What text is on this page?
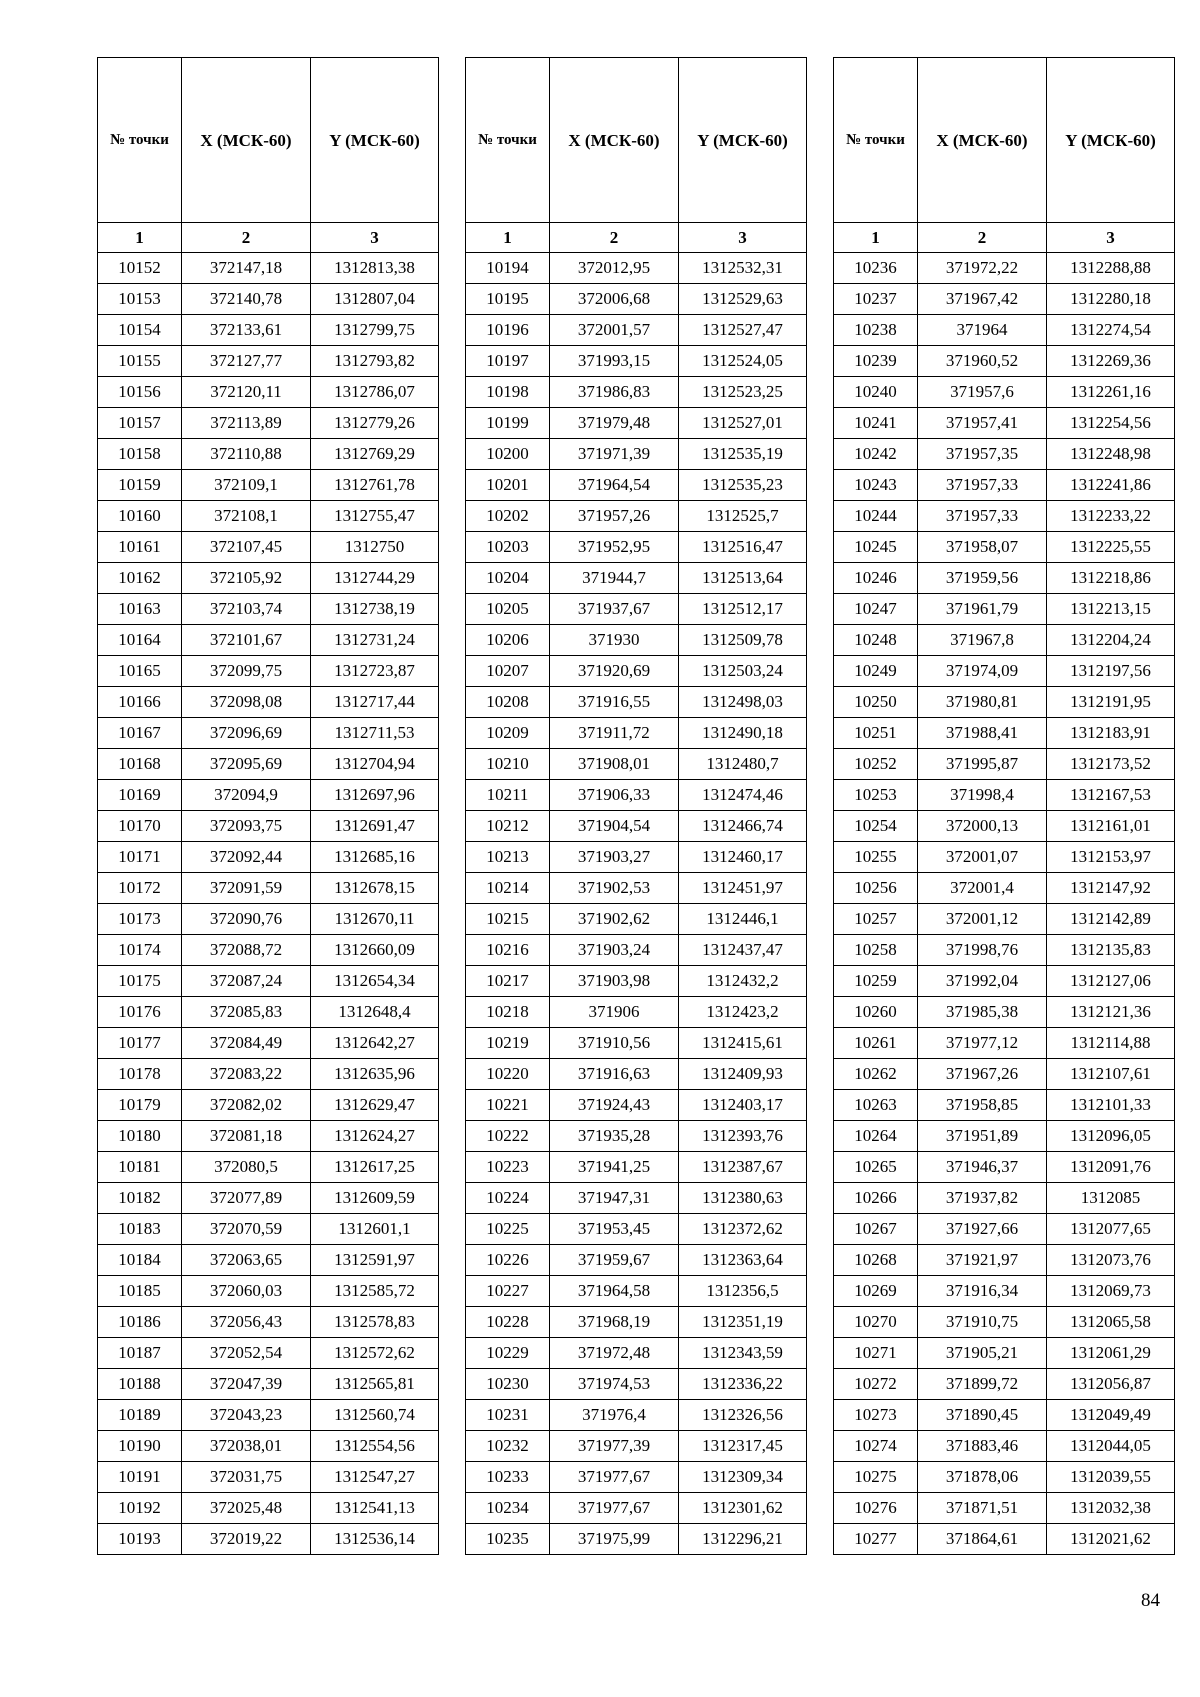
№ точки	X (МСК-60)	Y (МСК-60)
1	2	3
10152	372147,18	1312813,38
10153	372140,78	1312807,04
10154	372133,61	1312799,75
10155	372127,77	1312793,82
10156	372120,11	1312786,07
10157	372113,89	1312779,26
10158	372110,88	1312769,29
10159	372109,1	1312761,78
10160	372108,1	1312755,47
10161	372107,45	1312750
10162	372105,92	1312744,29
10163	372103,74	1312738,19
10164	372101,67	1312731,24
10165	372099,75	1312723,87
10166	372098,08	1312717,44
10167	372096,69	1312711,53
10168	372095,69	1312704,94
10169	372094,9	1312697,96
10170	372093,75	1312691,47
10171	372092,44	1312685,16
10172	372091,59	1312678,15
10173	372090,76	1312670,11
10174	372088,72	1312660,09
10175	372087,24	1312654,34
10176	372085,83	1312648,4
10177	372084,49	1312642,27
10178	372083,22	1312635,96
10179	372082,02	1312629,47
10180	372081,18	1312624,27
10181	372080,5	1312617,25
10182	372077,89	1312609,59
10183	372070,59	1312601,1
10184	372063,65	1312591,97
10185	372060,03	1312585,72
10186	372056,43	1312578,83
10187	372052,54	1312572,62
10188	372047,39	1312565,81
10189	372043,23	1312560,74
10190	372038,01	1312554,56
10191	372031,75	1312547,27
10192	372025,48	1312541,13
10193	372019,22	1312536,14
№ точки	X (МСК-60)	Y (МСК-60)
1	2	3
10194	372012,95	1312532,31
10195	372006,68	1312529,63
10196	372001,57	1312527,47
10197	371993,15	1312524,05
10198	371986,83	1312523,25
10199	371979,48	1312527,01
10200	371971,39	1312535,19
10201	371964,54	1312535,23
10202	371957,26	1312525,7
10203	371952,95	1312516,47
10204	371944,7	1312513,64
10205	371937,67	1312512,17
10206	371930	1312509,78
10207	371920,69	1312503,24
10208	371916,55	1312498,03
10209	371911,72	1312490,18
10210	371908,01	1312480,7
10211	371906,33	1312474,46
10212	371904,54	1312466,74
10213	371903,27	1312460,17
10214	371902,53	1312451,97
10215	371902,62	1312446,1
10216	371903,24	1312437,47
10217	371903,98	1312432,2
10218	371906	1312423,2
10219	371910,56	1312415,61
10220	371916,63	1312409,93
10221	371924,43	1312403,17
10222	371935,28	1312393,76
10223	371941,25	1312387,67
10224	371947,31	1312380,63
10225	371953,45	1312372,62
10226	371959,67	1312363,64
10227	371964,58	1312356,5
10228	371968,19	1312351,19
10229	371972,48	1312343,59
10230	371974,53	1312336,22
10231	371976,4	1312326,56
10232	371977,39	1312317,45
10233	371977,67	1312309,34
10234	371977,67	1312301,62
10235	371975,99	1312296,21
№ точки	X (МСК-60)	Y (МСК-60)
1	2	3
10236	371972,22	1312288,88
10237	371967,42	1312280,18
10238	371964	1312274,54
10239	371960,52	1312269,36
10240	371957,6	1312261,16
10241	371957,41	1312254,56
10242	371957,35	1312248,98
10243	371957,33	1312241,86
10244	371957,33	1312233,22
10245	371958,07	1312225,55
10246	371959,56	1312218,86
10247	371961,79	1312213,15
10248	371967,8	1312204,24
10249	371974,09	1312197,56
10250	371980,81	1312191,95
10251	371988,41	1312183,91
10252	371995,87	1312173,52
10253	371998,4	1312167,53
10254	372000,13	1312161,01
10255	372001,07	1312153,97
10256	372001,4	1312147,92
10257	372001,12	1312142,89
10258	371998,76	1312135,83
10259	371992,04	1312127,06
10260	371985,38	1312121,36
10261	371977,12	1312114,88
10262	371967,26	1312107,61
10263	371958,85	1312101,33
10264	371951,89	1312096,05
10265	371946,37	1312091,76
10266	371937,82	1312085
10267	371927,66	1312077,65
10268	371921,97	1312073,76
10269	371916,34	1312069,73
10270	371910,75	1312065,58
10271	371905,21	1312061,29
10272	371899,72	1312056,87
10273	371890,45	1312049,49
10274	371883,46	1312044,05
10275	371878,06	1312039,55
10276	371871,51	1312032,38
10277	371864,61	1312021,62
84
